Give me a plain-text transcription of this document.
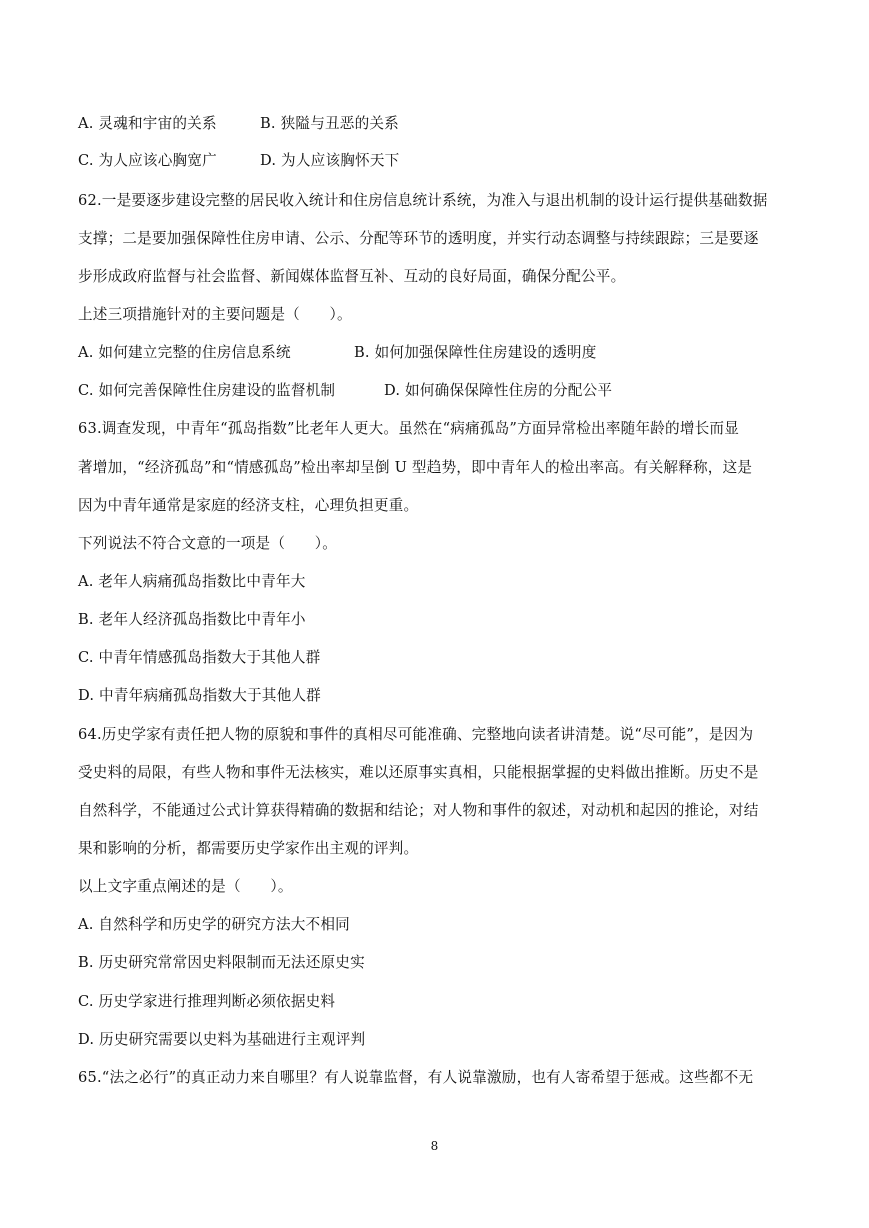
A. 灵魂和宇宙的关系	B. 狭隘与丑恶的关系
C. 为人应该心胸宽广	D. 为人应该胸怀天下
62.一是要逐步建设完整的居民收入统计和住房信息统计系统，为准入与退出机制的设计运行提供基础数据
支撑；二是要加强保障性住房申请、公示、分配等环节的透明度，并实行动态调整与持续跟踪；三是要逐
步形成政府监督与社会监督、新闻媒体监督互补、互动的良好局面，确保分配公平。
上述三项措施针对的主要问题是（　　）。
A. 如何建立完整的住房信息系统	B. 如何加强保障性住房建设的透明度
C. 如何完善保障性住房建设的监督机制	D. 如何确保保障性住房的分配公平
63.调查发现，中青年“孤岛指数”比老年人更大。虽然在“病痛孤岛”方面异常检出率随年龄的增长而显
著增加，“经济孤岛”和“情感孤岛”检出率却呈倒 U 型趋势，即中青年人的检出率高。有关解释称，这是
因为中青年通常是家庭的经济支柱，心理负担更重。
下列说法不符合文意的一项是（　　）。
A. 老年人病痛孤岛指数比中青年大
B. 老年人经济孤岛指数比中青年小
C. 中青年情感孤岛指数大于其他人群
D. 中青年病痛孤岛指数大于其他人群
64.历史学家有责任把人物的原貌和事件的真相尽可能准确、完整地向读者讲清楚。说“尽可能”，是因为
受史料的局限，有些人物和事件无法核实，难以还原事实真相，只能根据掌握的史料做出推断。历史不是
自然科学，不能通过公式计算获得精确的数据和结论；对人物和事件的叙述，对动机和起因的推论，对结
果和影响的分析，都需要历史学家作出主观的评判。
以上文字重点阐述的是（　　）。
A. 自然科学和历史学的研究方法大不相同
B. 历史研究常常因史料限制而无法还原史实
C. 历史学家进行推理判断必须依据史料
D. 历史研究需要以史料为基础进行主观评判
65.“法之必行”的真正动力来自哪里？有人说靠监督，有人说靠激励，也有人寄希望于惩戒。这些都不无
8
